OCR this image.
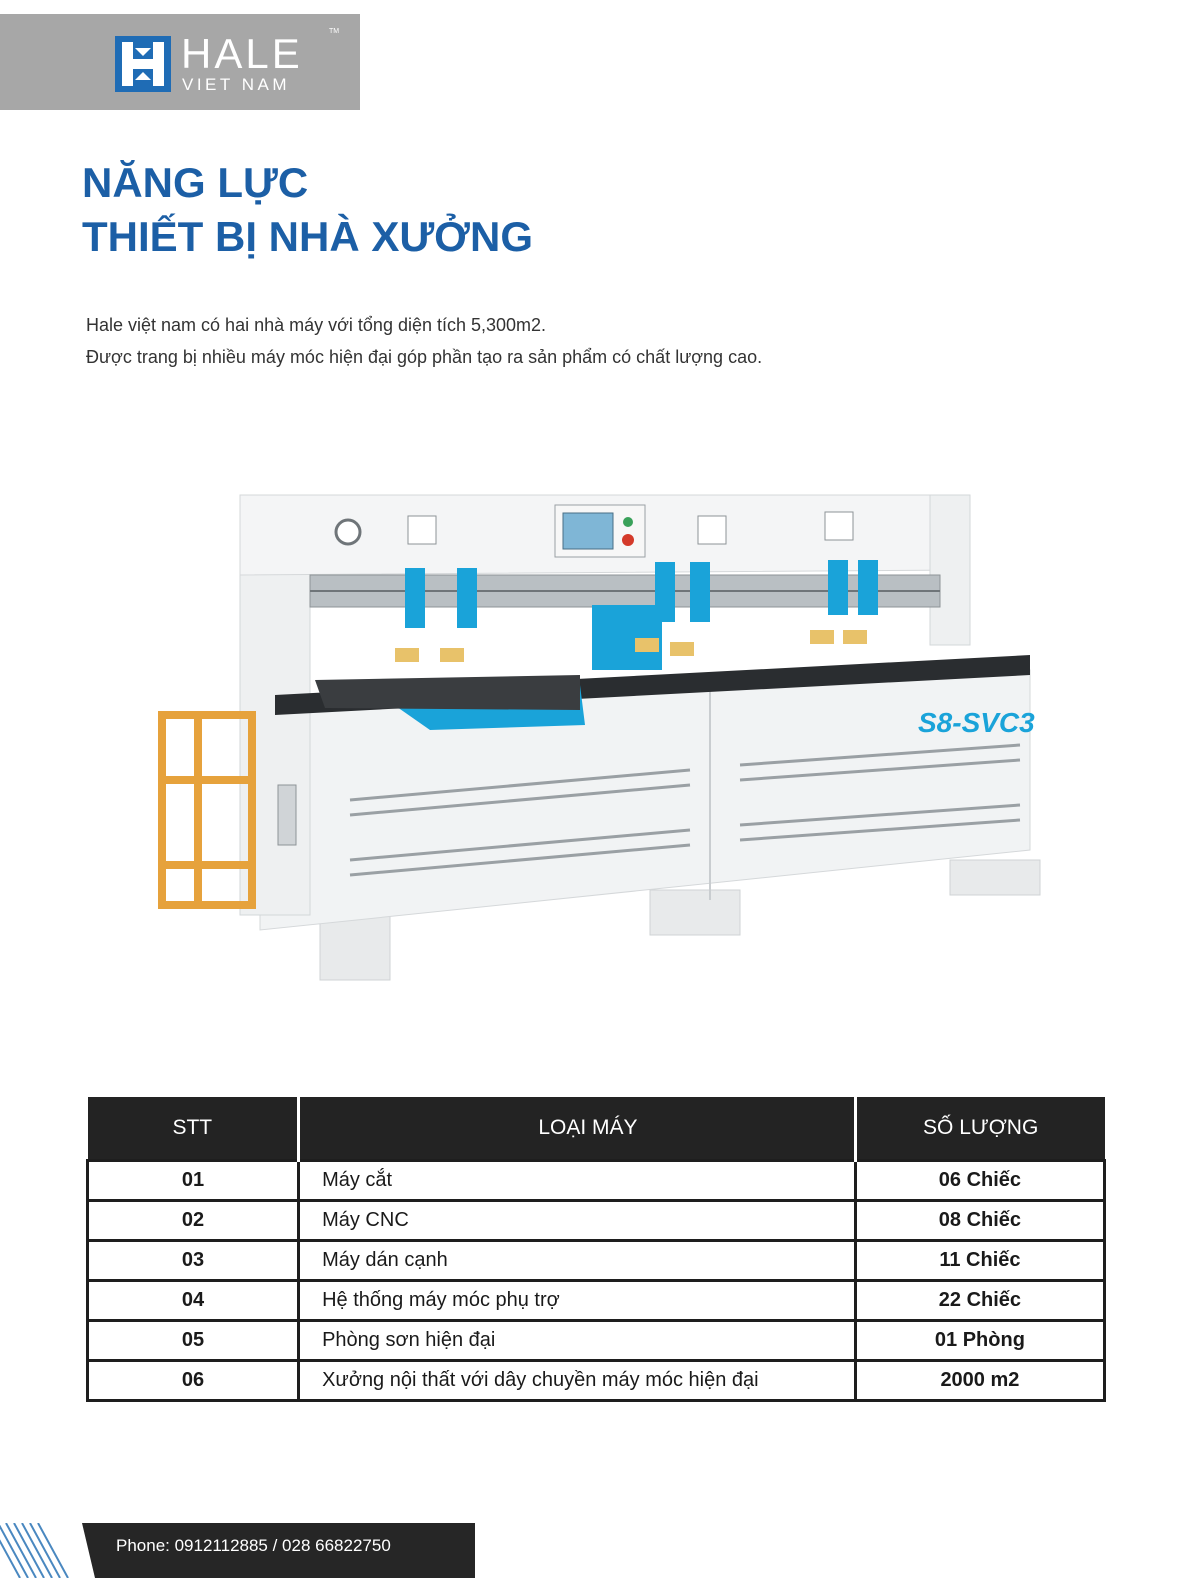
HALE	TM
VIET NAM
NĂNG LỰC
THIẾT BỊ NHÀ XƯỞNG

Hale việt nam có hai nhà máy với tổng diện tích 5,300m2.

Được trang bị nhiều máy móc hiện đại góp phần tạo ra sản phẩm có chất lượng cao.

S8-SVC3
STT	LOẠI MÁY	SỐ LƯỢNG
01	Máy cắt	06 Chiếc
02	Máy CNC	08 Chiếc
03	Máy dán cạnh	11 Chiếc
04	Hệ thống máy móc phụ trợ	22 Chiếc
05	Phòng sơn hiện đại	01 Phòng
06	Xưởng nội thất với dây chuyền máy móc hiện đại	2000 m2
Phone: 0912112885 / 028 66822750
